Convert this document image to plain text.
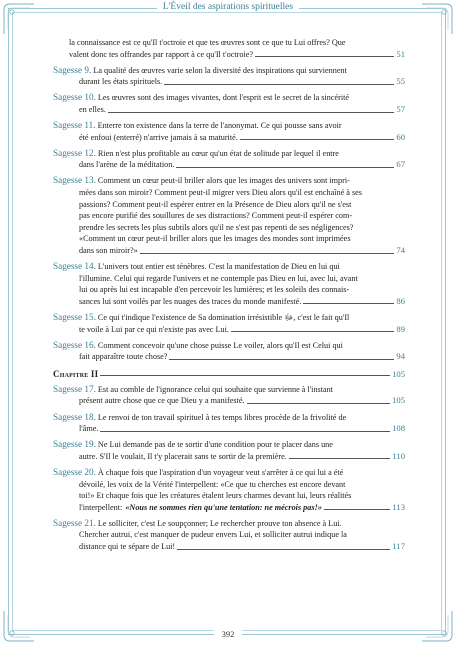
L'Éveil des aspirations spirituelles
la connaissance est ce qu'Il t'octroie et que tes œuvres sont ce que tu Lui offres? Que
valent donc tes offrandes par rapport à ce qu'Il t'octroie?	51
Sagesse 9. La qualité des œuvres varie selon la diversité des inspirations qui surviennent
durant les états spirituels.	55
Sagesse 10. Les œuvres sont des images vivantes, dont l'esprit est le secret de la sincérité
en elles.	57
Sagesse 11. Enterre ton existence dans la terre de l'anonymat. Ce qui pousse sans avoir
été enfoui (enterré) n'arrive jamais à sa maturité.	60
Sagesse 12. Rien n'est plus profitable au cœur qu'un état de solitude par lequel il entre
dans l'arène de la méditation.	67
Sagesse 13. Comment un cœur peut-il briller alors que les images des univers sont impri-
mées dans son miroir? Comment peut-il migrer vers Dieu alors qu'il est enchaîné à ses
passions? Comment peut-il espérer entrer en la Présence de Dieu alors qu'il ne s'est
pas encore purifié des souillures de ses distractions? Comment peut-il espérer com-
prendre les secrets les plus subtils alors qu'il ne s'est pas repenti de ses négligences?
«Comment un cœur peut-il briller alors que les images des mondes sont imprimées
dans son miroir?»	74
Sagesse 14. L'univers tout entier est ténèbres. C'est la manifestation de Dieu en lui qui
l'illumine. Celui qui regarde l'univers et ne contemple pas Dieu en lui, avec lui, avant
lui ou après lui est incapable d'en percevoir les lumières; et les soleils des connais-
sances lui sont voilés par les nuages des traces du monde manifesté.	86
Sagesse 15. Ce qui t'indique l'existence de Sa domination irrésistible ﷻ, c'est le fait qu'Il
te voile à Lui par ce qui n'existe pas avec Lui.	89
Sagesse 16. Comment concevoir qu'une chose puisse Le voiler, alors qu'Il est Celui qui
fait apparaître toute chose?	94
Chapitre II	105
Sagesse 17. Est au comble de l'ignorance celui qui souhaite que survienne à l'instant
présent autre chose que ce que Dieu y a manifesté.	105
Sagesse 18. Le renvoi de ton travail spirituel à tes temps libres procède de la frivolité de
l'âme.	108
Sagesse 19. Ne Lui demande pas de te sortir d'une condition pour te placer dans une
autre. S'Il le voulait, Il t'y placerait sans te sortir de la première.	110
Sagesse 20. À chaque fois que l'aspiration d'un voyageur veut s'arrêter à ce qui lui a été
dévoilé, les voix de la Vérité l'interpellent: «Ce que tu cherches est encore devant
toi!» Et chaque fois que les créatures étalent leurs charmes devant lui, leurs réalités
l'interpellent: «Nous ne sommes rien qu'une tentation: ne mécrois pas!»	113
Sagesse 21. Le solliciter, c'est Le soupçonner; Le rechercher prouve ton absence à Lui.
Chercher autrui, c'est manquer de pudeur envers Lui, et solliciter autrui indique la
distance qui te sépare de Lui!	117
392
